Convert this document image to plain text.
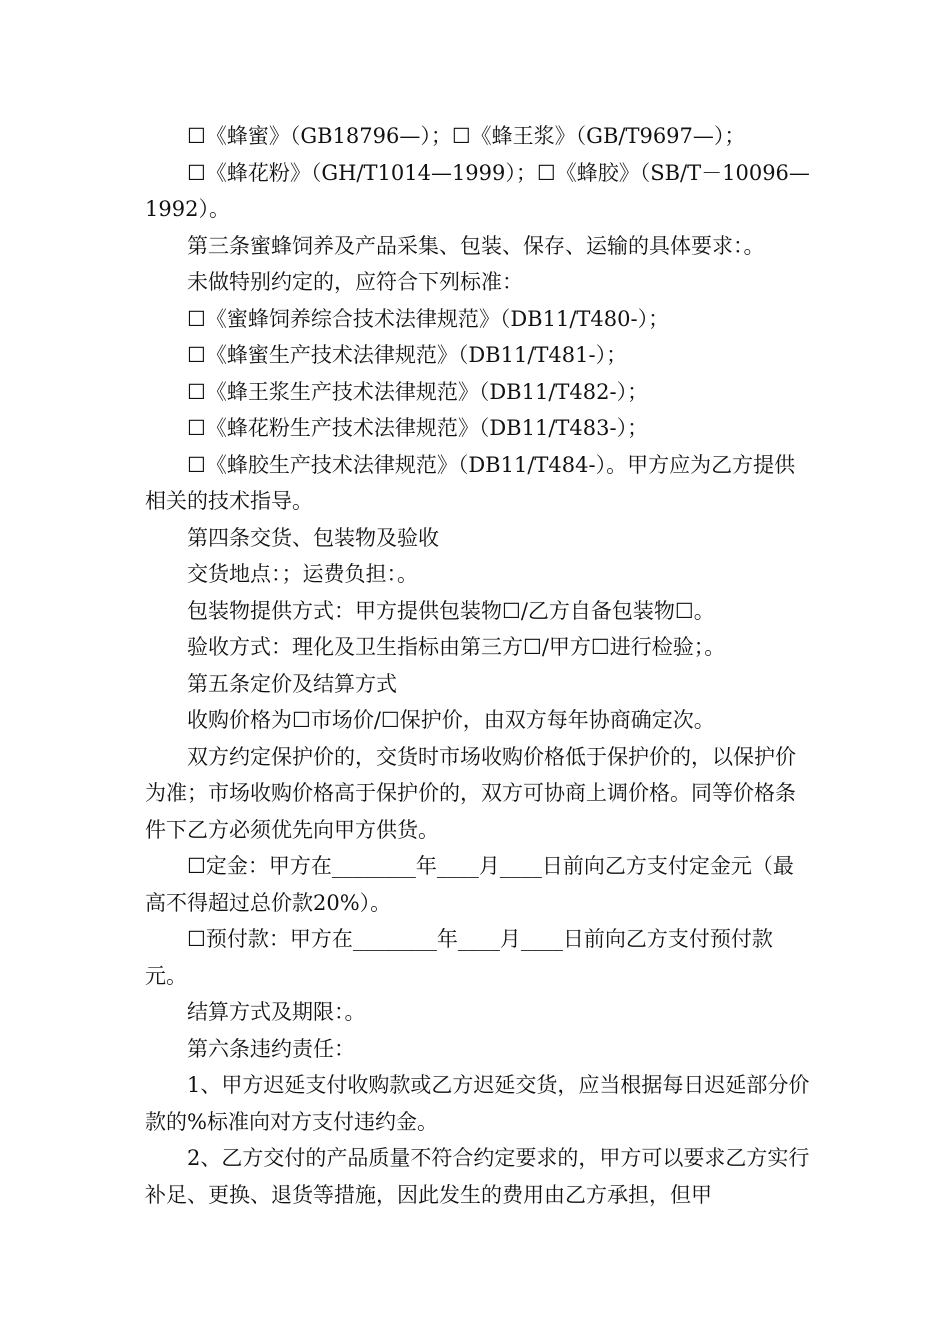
☐《蜂蜜》（GB18796—）；☐《蜂王浆》（GB/T9697—）；

☐《蜂花粉》（GH/T1014—1999）；☐《蜂胶》（SB/T－10096—1992）。

第三条蜜蜂饲养及产品采集、包装、保存、运输的具体要求：。

未做特别约定的，应符合下列标准：

☐《蜜蜂饲养综合技术法律规范》（DB11/T480-）；

☐《蜂蜜生产技术法律规范》（DB11/T481-）；

☐《蜂王浆生产技术法律规范》（DB11/T482-）；

☐《蜂花粉生产技术法律规范》（DB11/T483-）；

☐《蜂胶生产技术法律规范》（DB11/T484-）。甲方应为乙方提供相关的技术指导。

第四条交货、包装物及验收

交货地点：；运费负担：。

包装物提供方式：甲方提供包装物☐/乙方自备包装物☐。

验收方式：理化及卫生指标由第三方☐/甲方☐进行检验；。

第五条定价及结算方式

收购价格为☐市场价/☐保护价，由双方每年协商确定次。

双方约定保护价的，交货时市场收购价格低于保护价的，以保护价为准；市场收购价格高于保护价的，双方可协商上调价格。同等价格条件下乙方必须优先向甲方供货。

☐定金：甲方在________年____月____日前向乙方支付定金元（最高不得超过总价款20%）。

☐预付款：甲方在________年____月____日前向乙方支付预付款元。

结算方式及期限：。

第六条违约责任：

1、甲方迟延支付收购款或乙方迟延交货，应当根据每日迟延部分价款的%标准向对方支付违约金。

2、乙方交付的产品质量不符合约定要求的，甲方可以要求乙方实行补足、更换、退货等措施，因此发生的费用由乙方承担，但甲
